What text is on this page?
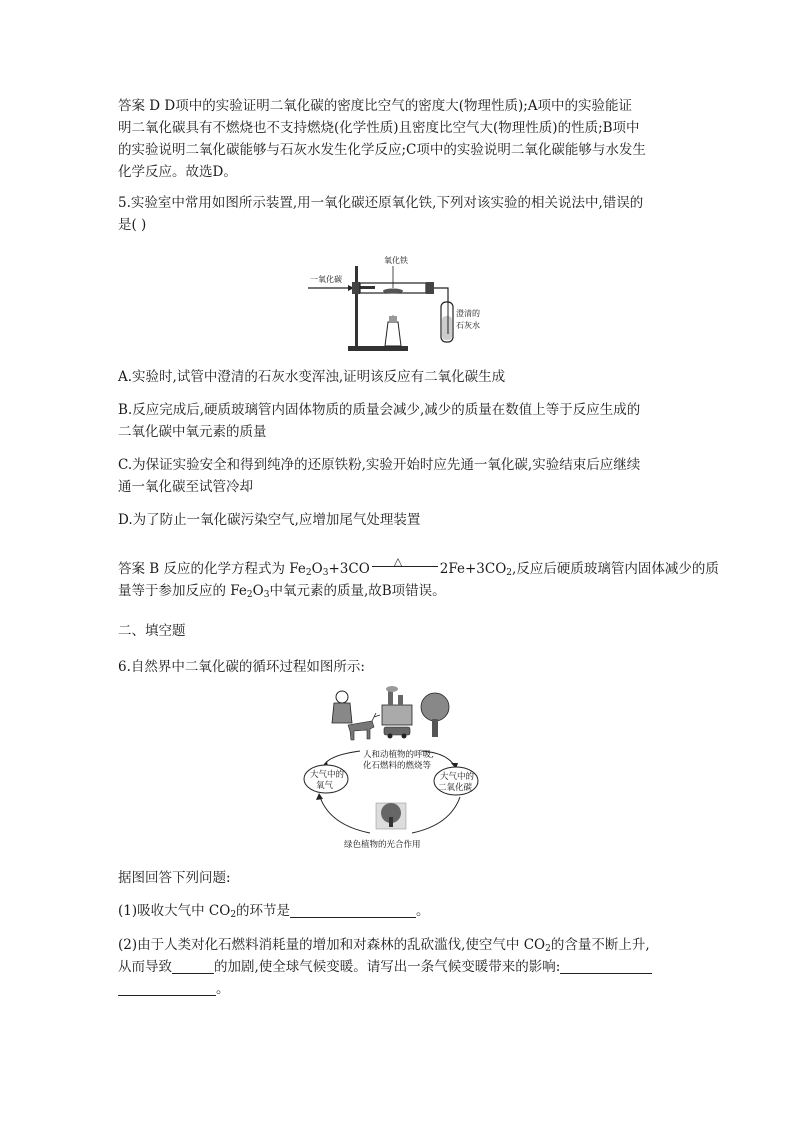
答案 D D项中的实验证明二氧化碳的密度比空气的密度大(物理性质);A项中的实验能证
明二氧化碳具有不燃烧也不支持燃烧(化学性质)且密度比空气大(物理性质)的性质;B项中
的实验说明二氧化碳能够与石灰水发生化学反应;C项中的实验说明二氧化碳能够与水发生
化学反应。故选D。
5.实验室中常用如图所示装置,用一氧化碳还原氧化铁,下列对该实验的相关说法中,错误的
是( )
一氧化碳
氧化铁
澄清的
石灰水
A.实验时,试管中澄清的石灰水变浑浊,证明该反应有二氧化碳生成
B.反应完成后,硬质玻璃管内固体物质的质量会减少,减少的质量在数值上等于反应生成的
二氧化碳中氧元素的质量
C.为保证实验安全和得到纯净的还原铁粉,实验开始时应先通一氧化碳,实验结束后应继续
通一氧化碳至试管冷却
D.为了防止一氧化碳污染空气,应增加尾气处理装置
答案 B 反应的化学方程式为 $Fe_2O_3+3CO$ △	$2Fe+3CO_2$,反应后硬质玻璃管内固体减少的质
量等于参加反应的 $Fe_2O_3$中氧元素的质量,故B项错误。
二、填空题
6.自然界中二氧化碳的循环过程如图所示:
人和动植物的呼吸,
化石燃料的燃烧等
大气中的
氧气
大气中的
二氧化碳
绿色植物的光合作用
据图回答下列问题:
(1)吸收大气中 $CO_2$的环节是	。
(2)由于人类对化石燃料消耗量的增加和对森林的乱砍滥伐,使空气中 $CO_2$的含量不断上升,
从而导致	的加剧,使全球气候变暖。请写出一条气候变暖带来的影响:
。
